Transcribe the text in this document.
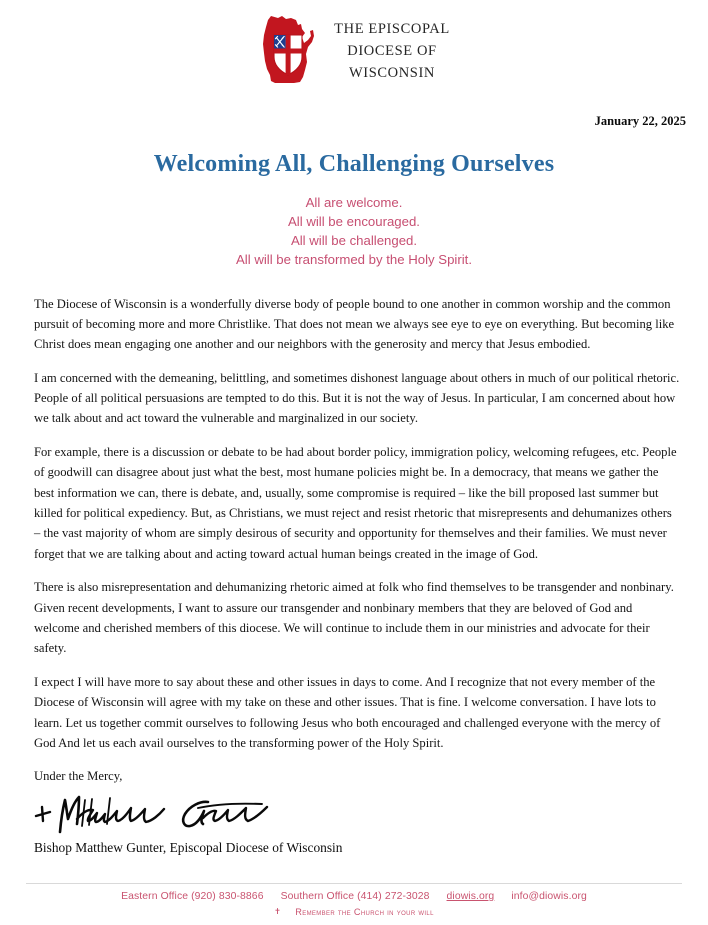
THE EPISCOPAL
DIOCESE OF
WISCONSIN
January 22, 2025
Welcoming All, Challenging Ourselves
All are welcome.
All will be encouraged.
All will be challenged.
All will be transformed by the Holy Spirit.

The Diocese of Wisconsin is a wonderfully diverse body of people bound to one another in common worship and the common pursuit of becoming more and more Christlike. That does not mean we always see eye to eye on everything. But becoming like Christ does mean engaging one another and our neighbors with the generosity and mercy that Jesus embodied.

I am concerned with the demeaning, belittling, and sometimes dishonest language about others in much of our political rhetoric. People of all political persuasions are tempted to do this. But it is not the way of Jesus. In particular, I am concerned about how we talk about and act toward the vulnerable and marginalized in our society.

For example, there is a discussion or debate to be had about border policy, immigration policy, welcoming refugees, etc. People of goodwill can disagree about just what the best, most humane policies might be. In a democracy, that means we gather the best information we can, there is debate, and, usually, some compromise is required – like the bill proposed last summer but killed for political expediency. But, as Christians, we must reject and resist rhetoric that misrepresents and dehumanizes others – the vast majority of whom are simply desirous of security and opportunity for themselves and their families. We must never forget that we are talking about and acting toward actual human beings created in the image of God.

There is also misrepresentation and dehumanizing rhetoric aimed at folk who find themselves to be transgender and nonbinary. Given recent developments, I want to assure our transgender and nonbinary members that they are beloved of God and welcome and cherished members of this diocese. We will continue to include them in our ministries and advocate for their safety.

I expect I will have more to say about these and other issues in days to come. And I recognize that not every member of the Diocese of Wisconsin will agree with my take on these and other issues. That is fine. I welcome conversation. I have lots to learn. Let us together commit ourselves to following Jesus who both encouraged and challenged everyone with the mercy of God And let us each avail ourselves to the transforming power of the Holy Spirit.

Under the Mercy,
Bishop Matthew Gunter, Episcopal Diocese of Wisconsin
Eastern Office (920) 830-8866 Southern Office (414) 272-3028 diowis.org info@diowis.org
✝ Remember the Church in your will
